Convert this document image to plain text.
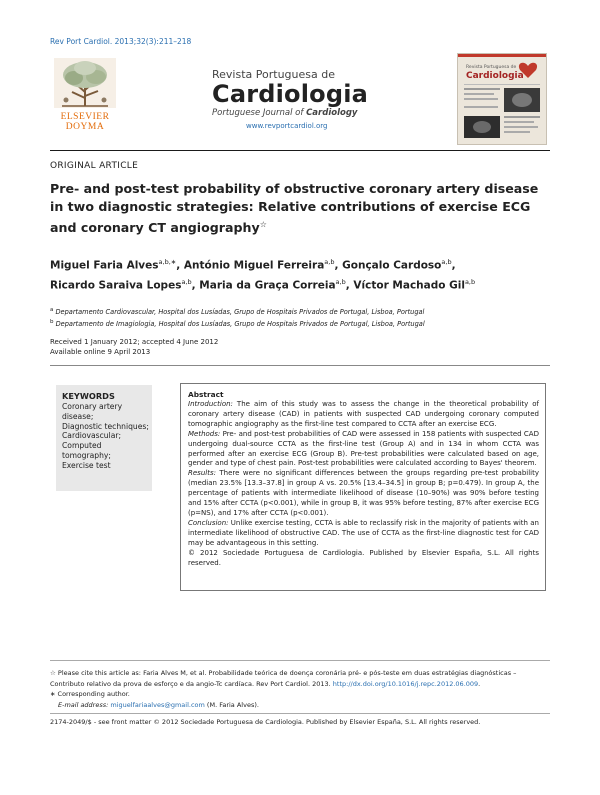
Rev Port Cardiol. 2013;32(3):211–218
ELSEVIER
DOYMA
Revista Portuguesa de
Cardiologia
Portuguese Journal of Cardiology
www.revportcardiol.org
Revista Portuguesa de
Cardiologia
ORIGINAL ARTICLE
Pre- and post-test probability of obstructive coronary artery disease in two diagnostic strategies: Relative contributions of exercise ECG and coronary CT angiography☆
Miguel Faria Alves$^{a,b,∗}$, António Miguel Ferreira$^{a,b}$, Gonçalo Cardoso$^{a,b}$,
Ricardo Saraiva Lopes$^{a,b}$, Maria da Graça Correia$^{a,b}$, Víctor Machado Gil$^{a,b}$
$^a$ Departamento Cardiovascular, Hospital dos Lusíadas, Grupo de Hospitais Privados de Portugal, Lisboa, Portugal
$^b$ Departamento de Imagiologia, Hospital dos Lusíadas, Grupo de Hospitais Privados de Portugal, Lisboa, Portugal
Received 1 January 2012; accepted 4 June 2012
Available online 9 April 2013
KEYWORDS
Coronary artery disease;
Diagnostic techniques;
Cardiovascular;
Computed tomography;
Exercise test
Abstract

Introduction: The aim of this study was to assess the change in the theoretical probability of coronary artery disease (CAD) in patients with suspected CAD undergoing coronary computed tomographic angiography as the first-line test compared to CCTA after an exercise ECG.

Methods: Pre- and post-test probabilities of CAD were assessed in 158 patients with suspected CAD undergoing dual-source CCTA as the first-line test (Group A) and in 134 in whom CCTA was performed after an exercise ECG (Group B). Pre-test probabilities were calculated based on age, gender and type of chest pain. Post-test probabilities were calculated according to Bayes' theorem.

Results: There were no significant differences between the groups regarding pre-test probability (median 23.5% [13.3–37.8] in group A vs. 20.5% [13.4–34.5] in group B; p=0.479). In group A, the percentage of patients with intermediate likelihood of disease (10–90%) was 90% before testing and 15% after CCTA (p<0.001), while in group B, it was 95% before testing, 87% after exercise ECG (p=NS), and 17% after CCTA (p<0.001).

Conclusion: Unlike exercise testing, CCTA is able to reclassify risk in the majority of patients with an intermediate likelihood of obstructive CAD. The use of CCTA as the first-line diagnostic test for CAD may be advantageous in this setting.

© 2012 Sociedade Portuguesa de Cardiologia. Published by Elsevier España, S.L. All rights reserved.

☆ Please cite this article as: Faria Alves M, et al. Probabilidade teórica de doença coronária pré- e pós-teste em duas estratégias diagnósticas – Contributo relativo da prova de esforço e da angio-Tc cardíaca. Rev Port Cardiol. 2013. http://dx.doi.org/10.1016/j.repc.2012.06.009.
∗ Corresponding author.
E-mail address: miguelfariaalves@gmail.com (M. Faria Alves).
2174-2049/$ - see front matter © 2012 Sociedade Portuguesa de Cardiologia. Published by Elsevier España, S.L. All rights reserved.
